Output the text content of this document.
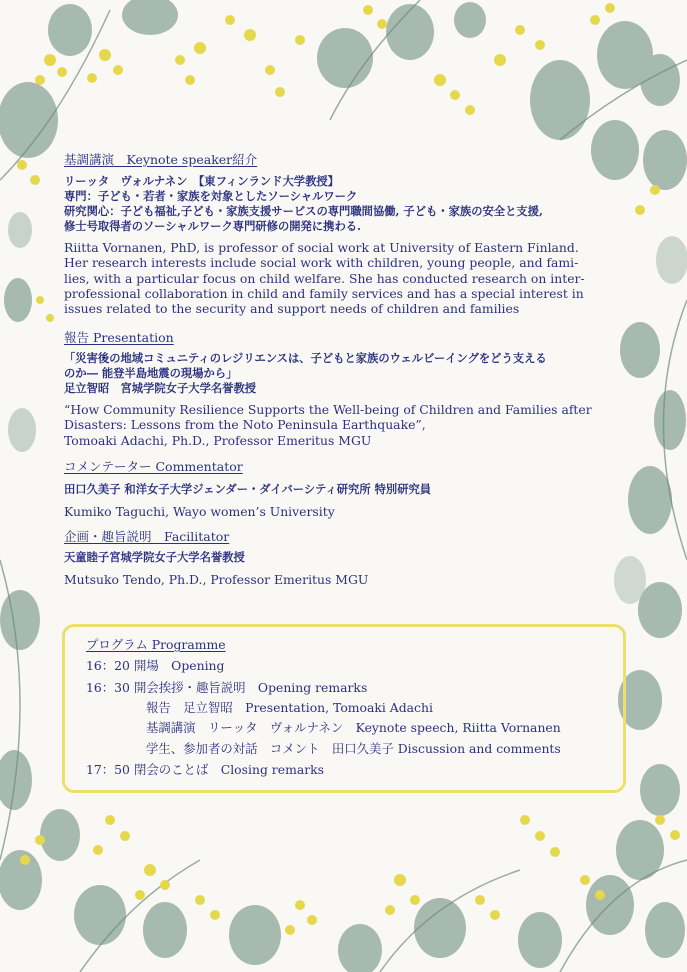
基調講演　Keynote speaker紹介
リーッタ　ヴォルナネン　【東フィンランド大学教授】
専門：子ども・若者・家族を対象としたソーシャルワーク
研究関心：子ども福祉,子ども・家族支援サービスの専門職間協働, 子ども・家族の安全と支援,
修士号取得者のソーシャルワーク専門研修の開発に携わる.
Riitta Vornanen, PhD, is professor of social work at University of Eastern Finland.
Her research interests include social work with children, young people, and fami-
lies, with a particular focus on child welfare. She has conducted research on inter-
professional collaboration in child and family services and has a special interest in
issues related to the security and support needs of children and families
報告 Presentation
「災害後の地域コミュニティのレジリエンスは、子どもと家族のウェルビーイングをどう支える
のか― 能登半島地震の現場から」
足立智昭　宮城学院女子大学名誉教授
“How Community Resilience Supports the Well-being of Children and Families after
Disasters: Lessons from the Noto Peninsula Earthquake”,
Tomoaki Adachi, Ph.D., Professor Emeritus MGU
コメンテーター Commentator
田口久美子 和洋女子大学ジェンダー・ダイバーシティ研究所 特別研究員
Kumiko Taguchi, Wayo women’s University
企画・趣旨説明　Facilitator
天童睦子宮城学院女子大学名誉教授
Mutsuko Tendo, Ph.D., Professor Emeritus MGU
プログラム Programme
16：20 開場　Opening
16：30 開会挨拶・趣旨説明　Opening remarks
報告　足立智昭　Presentation, Tomoaki Adachi
基調講演　リーッタ　ヴォルナネン　Keynote speech, Riitta Vornanen
学生、参加者の対話　コメント　田口久美子 Discussion and comments
17：50 閉会のことば　Closing remarks
